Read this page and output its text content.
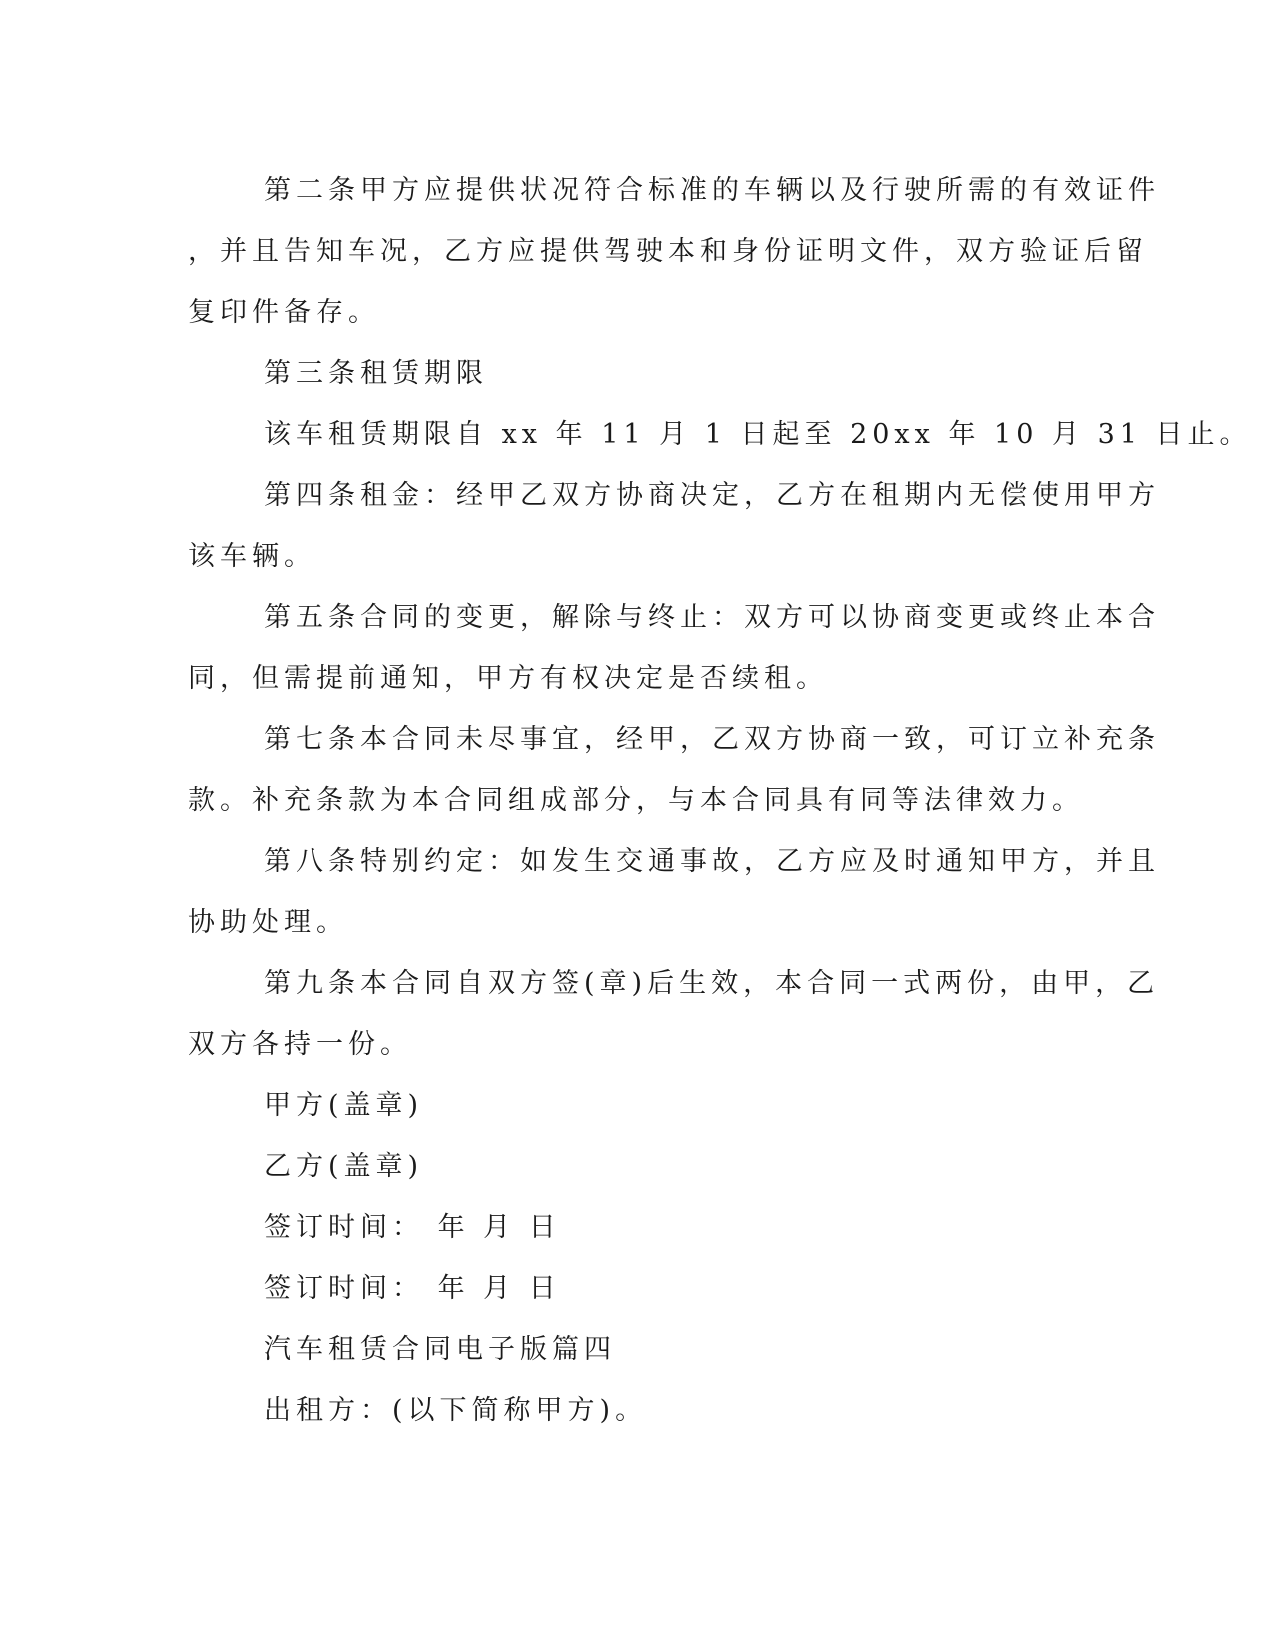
第二条甲方应提供状况符合标准的车辆以及行驶所需的有效证件
，并且告知车况，乙方应提供驾驶本和身份证明文件，双方验证后留
复印件备存。
第三条租赁期限
该车租赁期限自 xx 年 11 月 1 日起至 20xx 年 10 月 31 日止。
第四条租金：经甲乙双方协商决定，乙方在租期内无偿使用甲方
该车辆。
第五条合同的变更，解除与终止：双方可以协商变更或终止本合
同，但需提前通知，甲方有权决定是否续租。
第七条本合同未尽事宜，经甲，乙双方协商一致，可订立补充条
款。补充条款为本合同组成部分，与本合同具有同等法律效力。
第八条特别约定：如发生交通事故，乙方应及时通知甲方，并且
协助处理。
第九条本合同自双方签(章)后生效，本合同一式两份，由甲，乙
双方各持一份。
甲方(盖章)
乙方(盖章)
签订时间： 年 月 日
签订时间： 年 月 日
汽车租赁合同电子版篇四
出租方：(以下简称甲方)。
